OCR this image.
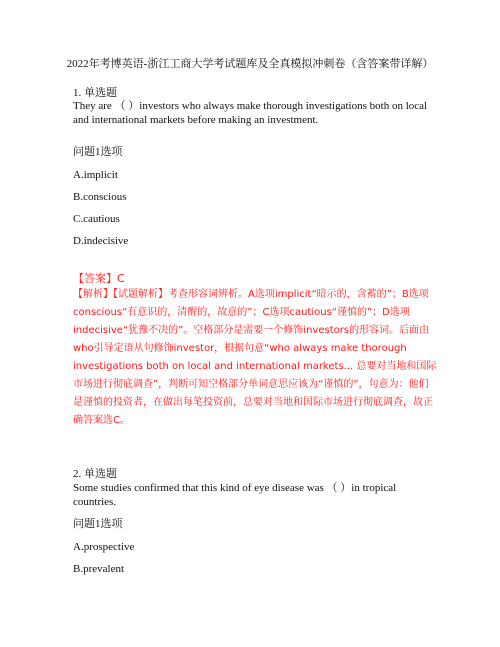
2022年考博英语-浙江工商大学考试题库及全真模拟冲刺卷（含答案带详解）
1. 单选题
They are （ ）investors who always make thorough investigations both on local and international markets before making an investment.
问题1选项
A.implicit
B.conscious
C.cautious
D.indecisive
【答案】C
【解析】【试题解析】考查形容词辨析。A选项implicit“暗示的，含蓄的”；B选项conscious“有意识的，清醒的，故意的”；C选项cautious“谨慎的”；D选项indecisive“犹豫不决的”。空格部分是需要一个修饰investors的形容词。后面由who引导定语从句修饰investor，根据句意“who always make thorough investigations both on local and international markets... 总要对当地和国际市场进行彻底调查”，判断可知空格部分单词意思应该为“谨慎的”，句意为：他们是谨慎的投资者，在做出每笔投资前，总要对当地和国际市场进行彻底调查，故正确答案选C。
2. 单选题
Some studies confirmed that this kind of eye disease was （ ）in tropical countries.
问题1选项
A.prospective
B.prevalent
